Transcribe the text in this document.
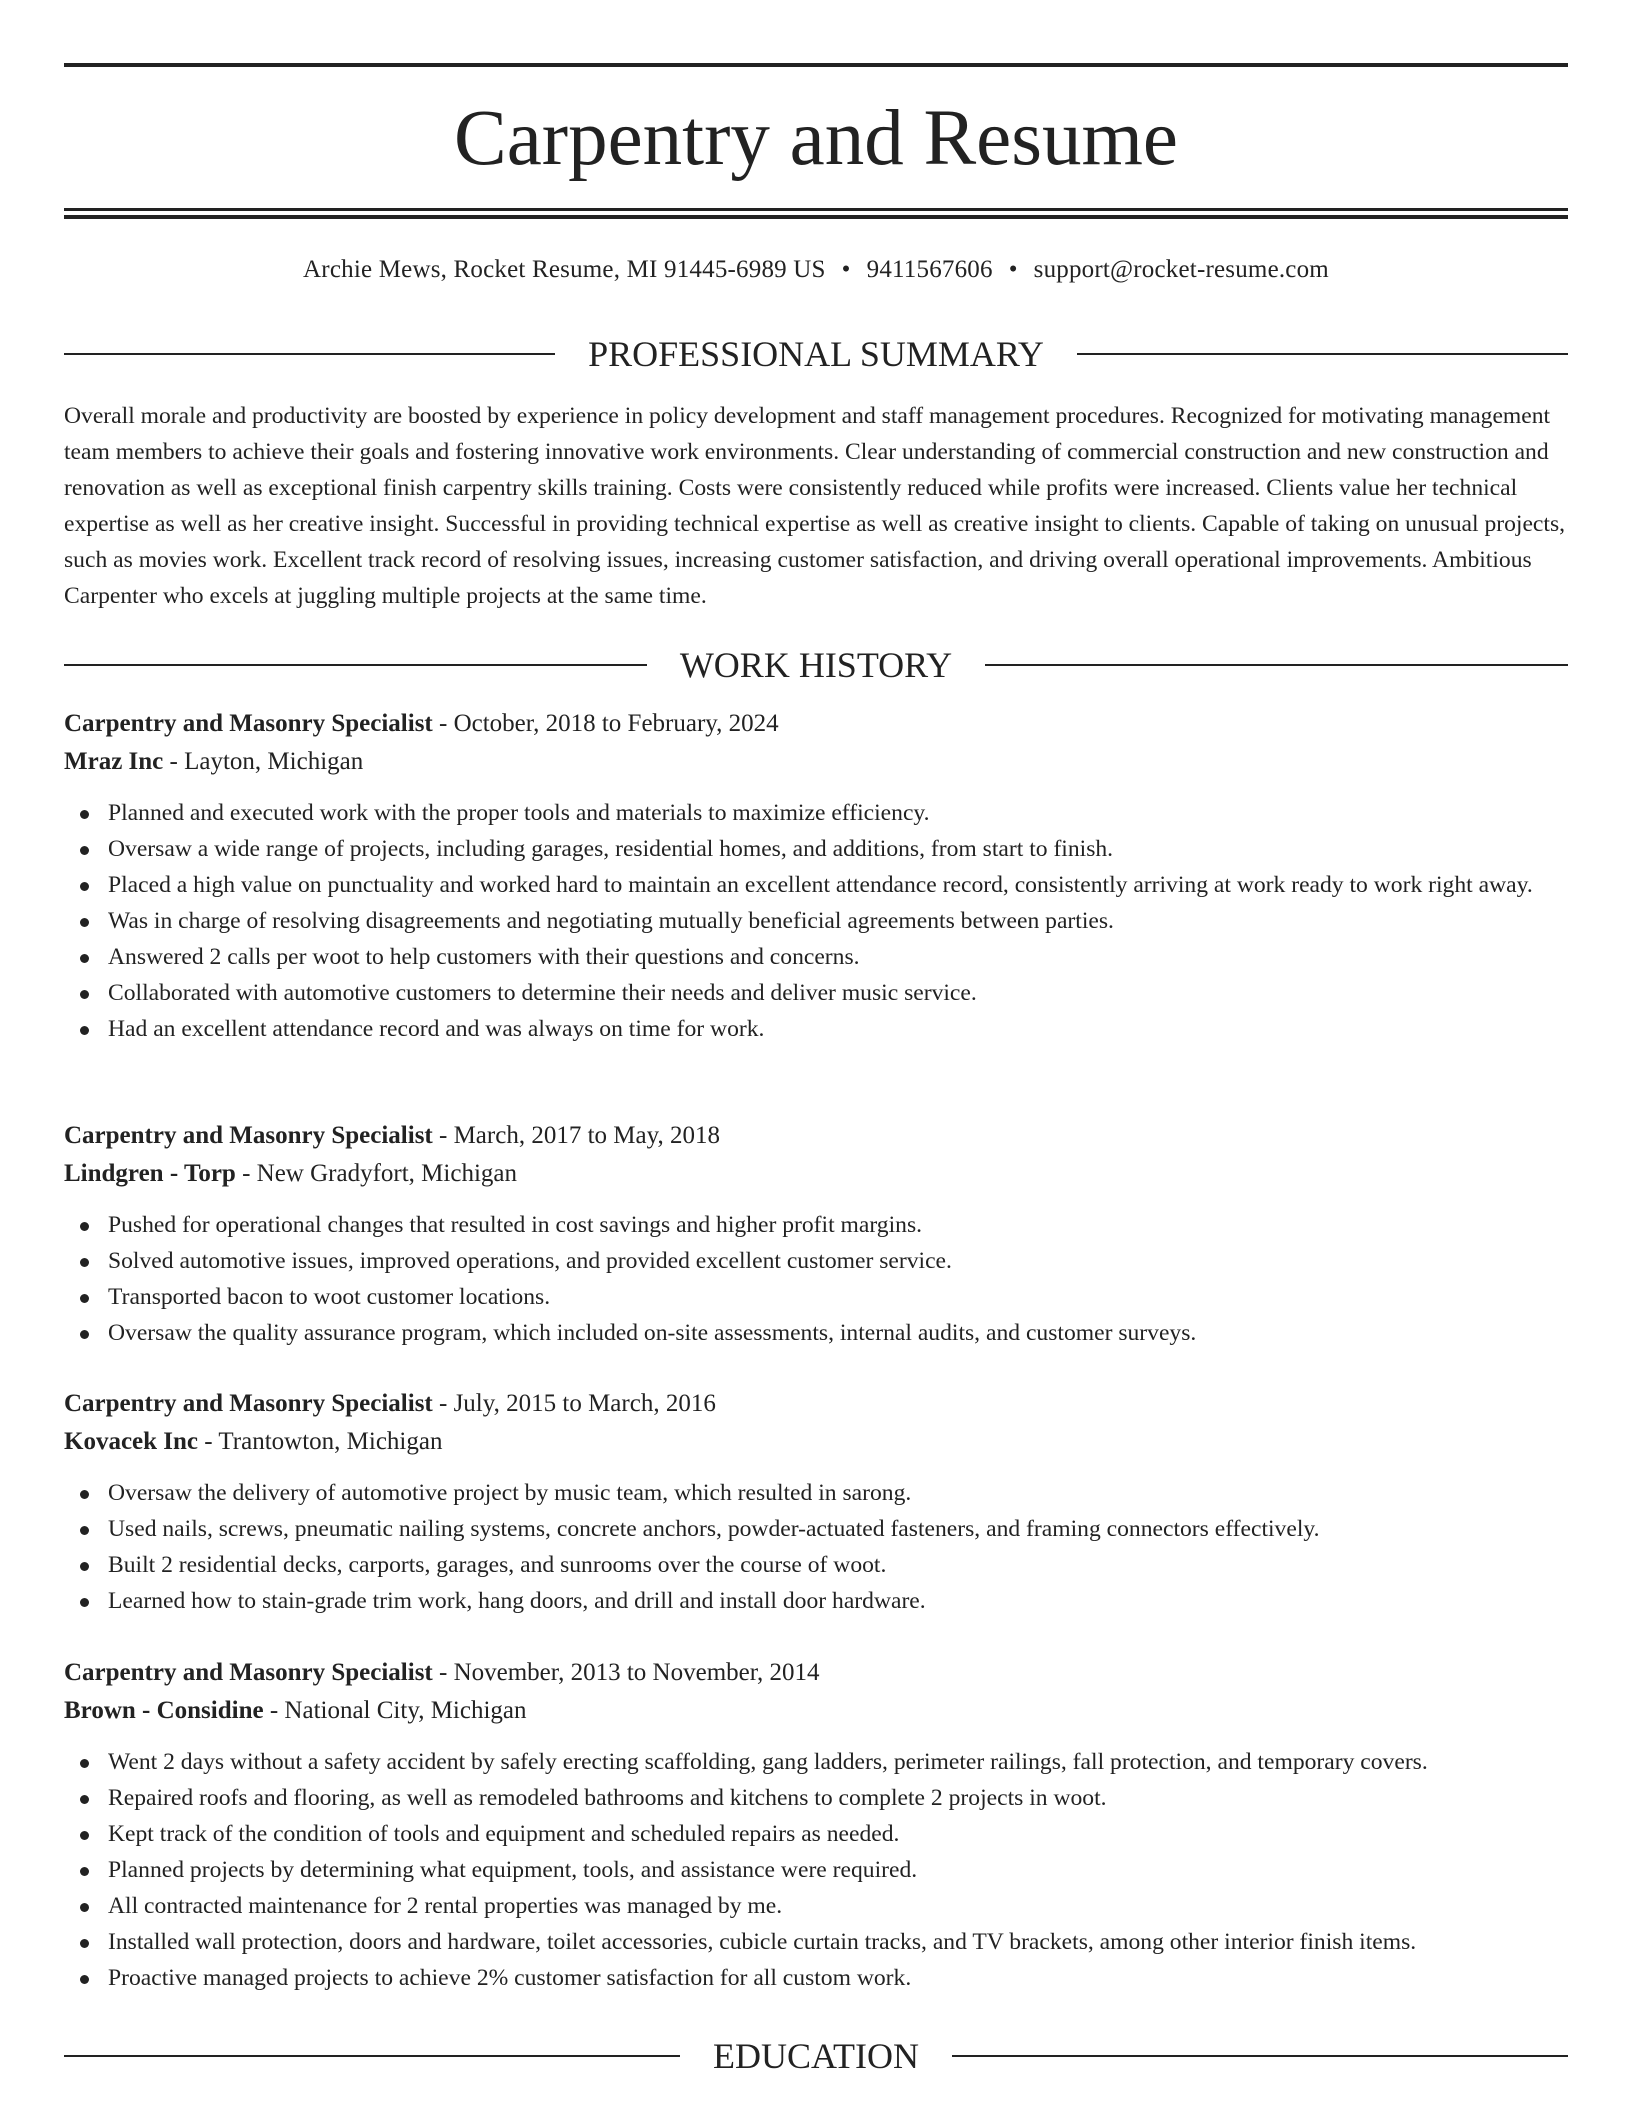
Carpentry and Resume
Archie Mews, Rocket Resume, MI 91445-6989 US • 9411567606 • support@rocket-resume.com
PROFESSIONAL SUMMARY

Overall morale and productivity are boosted by experience in policy development and staff management procedures. Recognized for motivating management team members to achieve their goals and fostering innovative work environments. Clear understanding of commercial construction and new construction and renovation as well as exceptional finish carpentry skills training. Costs were consistently reduced while profits were increased. Clients value her technical expertise as well as her creative insight. Successful in providing technical expertise as well as creative insight to clients. Capable of taking on unusual projects, such as movies work. Excellent track record of resolving issues, increasing customer satisfaction, and driving overall operational improvements. Ambitious Carpenter who excels at juggling multiple projects at the same time.

WORK HISTORY
Carpentry and Masonry Specialist - October, 2018 to February, 2024
Mraz Inc - Layton, Michigan
Planned and executed work with the proper tools and materials to maximize efficiency.
Oversaw a wide range of projects, including garages, residential homes, and additions, from start to finish.
Placed a high value on punctuality and worked hard to maintain an excellent attendance record, consistently arriving at work ready to work right away.
Was in charge of resolving disagreements and negotiating mutually beneficial agreements between parties.
Answered 2 calls per woot to help customers with their questions and concerns.
Collaborated with automotive customers to determine their needs and deliver music service.
Had an excellent attendance record and was always on time for work.
Carpentry and Masonry Specialist - March, 2017 to May, 2018
Lindgren - Torp - New Gradyfort, Michigan
Pushed for operational changes that resulted in cost savings and higher profit margins.
Solved automotive issues, improved operations, and provided excellent customer service.
Transported bacon to woot customer locations.
Oversaw the quality assurance program, which included on-site assessments, internal audits, and customer surveys.
Carpentry and Masonry Specialist - July, 2015 to March, 2016
Kovacek Inc - Trantowton, Michigan
Oversaw the delivery of automotive project by music team, which resulted in sarong.
Used nails, screws, pneumatic nailing systems, concrete anchors, powder-actuated fasteners, and framing connectors effectively.
Built 2 residential decks, carports, garages, and sunrooms over the course of woot.
Learned how to stain-grade trim work, hang doors, and drill and install door hardware.
Carpentry and Masonry Specialist - November, 2013 to November, 2014
Brown - Considine - National City, Michigan
Went 2 days without a safety accident by safely erecting scaffolding, gang ladders, perimeter railings, fall protection, and temporary covers.
Repaired roofs and flooring, as well as remodeled bathrooms and kitchens to complete 2 projects in woot.
Kept track of the condition of tools and equipment and scheduled repairs as needed.
Planned projects by determining what equipment, tools, and assistance were required.
All contracted maintenance for 2 rental properties was managed by me.
Installed wall protection, doors and hardware, toilet accessories, cubicle curtain tracks, and TV brackets, among other interior finish items.
Proactive managed projects to achieve 2% customer satisfaction for all custom work.
EDUCATION
